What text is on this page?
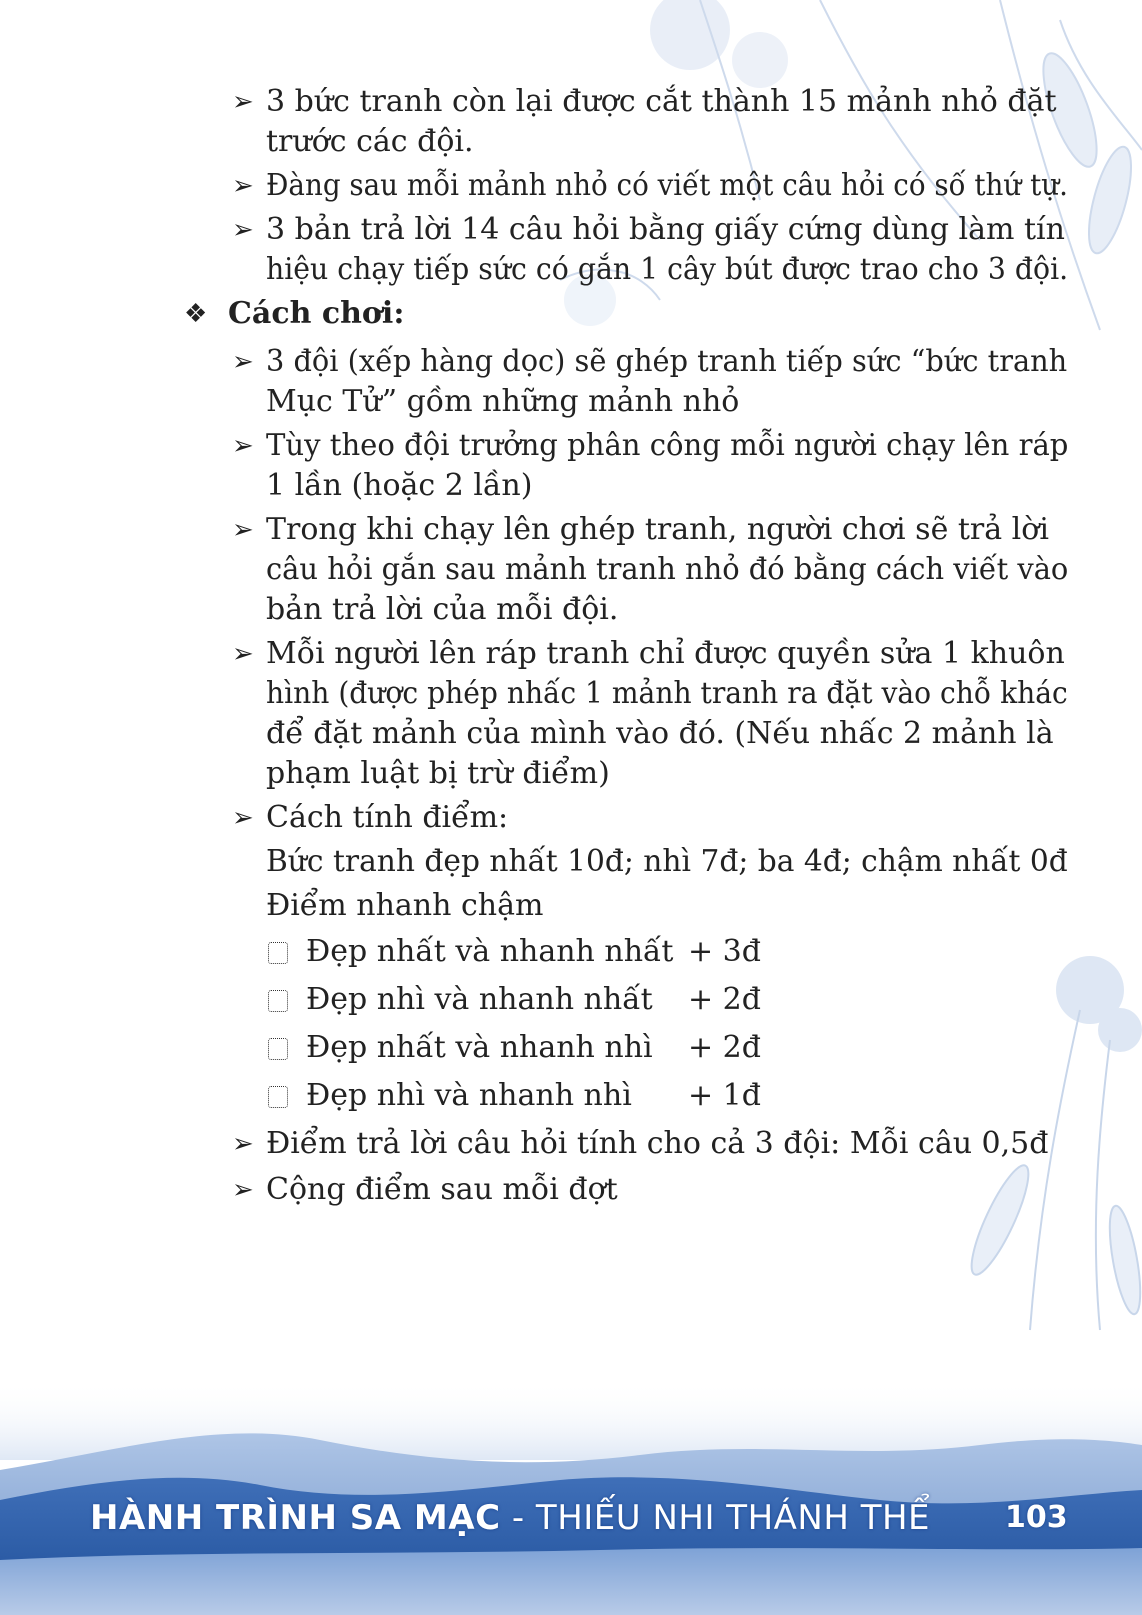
➢ 3 bức tranh còn lại được cắt thành 15 mảnh nhỏ đặt
trước các đội.
➢ Đàng sau mỗi mảnh nhỏ có viết một câu hỏi có số thứ tự.
➢ 3 bản trả lời 14 câu hỏi bằng giấy cứng dùng làm tín
hiệu chạy tiếp sức có gắn 1 cây bút được trao cho 3 đội.
❖ Cách chơi:
➢ 3 đội (xếp hàng dọc) sẽ ghép tranh tiếp sức “bức tranh
Mục Tử” gồm những mảnh nhỏ
➢ Tùy theo đội trưởng phân công mỗi người chạy lên ráp
1 lần (hoặc 2 lần)
➢ Trong khi chạy lên ghép tranh, người chơi sẽ trả lời
câu hỏi gắn sau mảnh tranh nhỏ đó bằng cách viết vào
bản trả lời của mỗi đội.
➢ Mỗi người lên ráp tranh chỉ được quyền sửa 1 khuôn
hình (được phép nhấc 1 mảnh tranh ra đặt vào chỗ khác
để đặt mảnh của mình vào đó. (Nếu nhấc 2 mảnh là
phạm luật bị trừ điểm)
➢ Cách tính điểm:
Bức tranh đẹp nhất 10đ; nhì 7đ; ba 4đ; chậm nhất 0đ
Điểm nhanh chậm
Đẹp nhất và nhanh nhất + 3đ
Đẹp nhì và nhanh nhất + 2đ
Đẹp nhất và nhanh nhì + 2đ
Đẹp nhì và nhanh nhì + 1đ
➢ Điểm trả lời câu hỏi tính cho cả 3 đội: Mỗi câu 0,5đ
➢ Cộng điểm sau mỗi đợt
HÀNH TRÌNH SA MẠC - THIẾU NHI THÁNH THỂ 103
